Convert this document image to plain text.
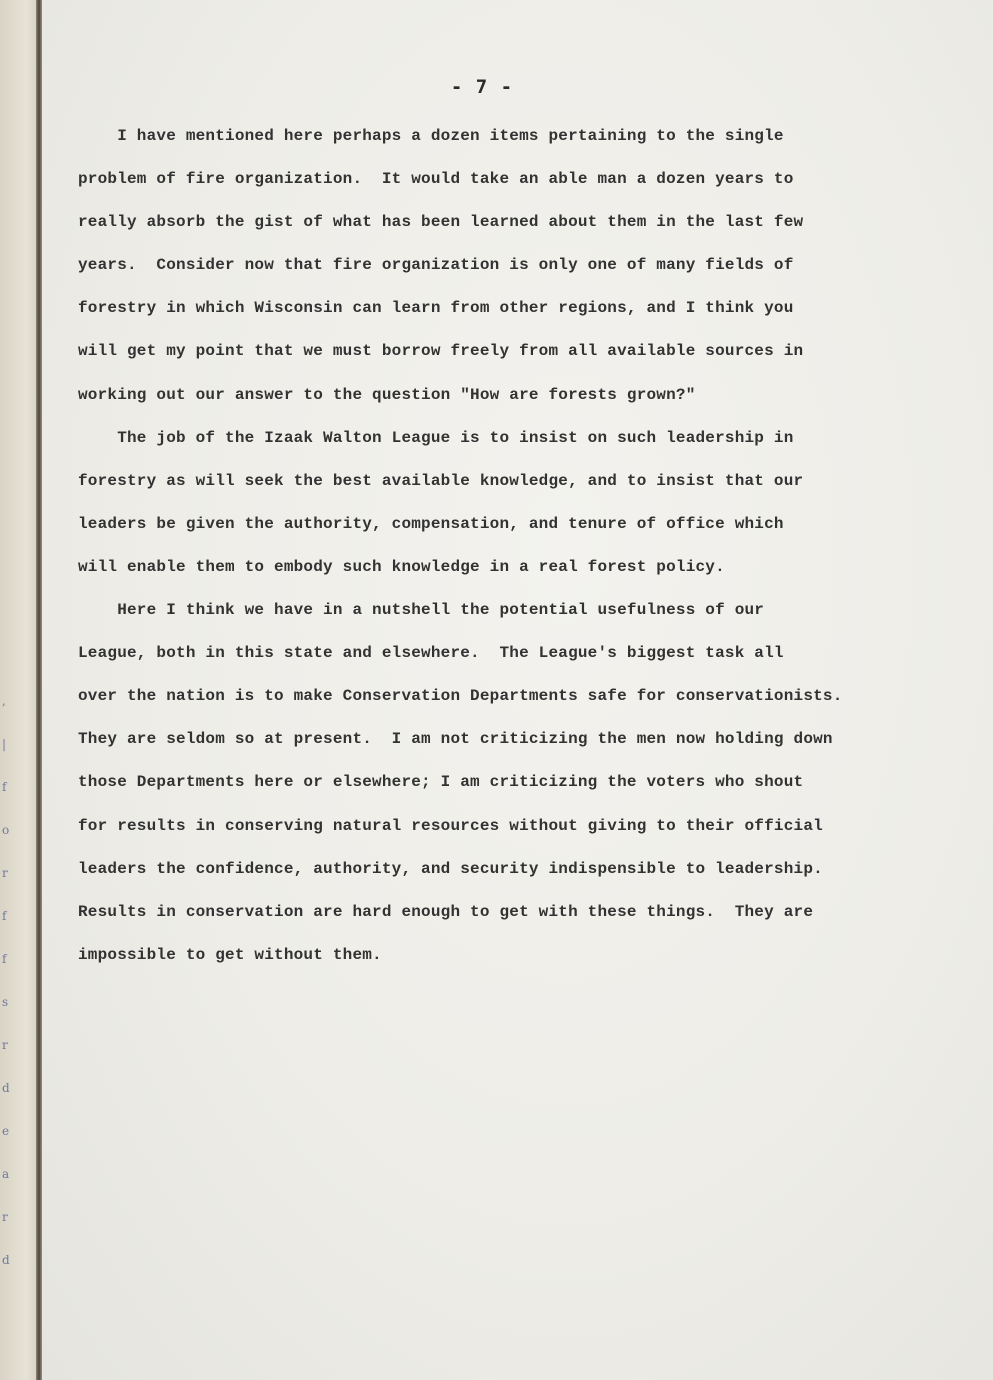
,
|
f
o
r
f
f
s
r
d
e
a
r
d
- 7 -
I have mentioned here perhaps a dozen items pertaining to the single
problem of fire organization.  It would take an able man a dozen years to
really absorb the gist of what has been learned about them in the last few
years.  Consider now that fire organization is only one of many fields of
forestry in which Wisconsin can learn from other regions, and I think you
will get my point that we must borrow freely from all available sources in
working out our answer to the question "How are forests grown?"
The job of the Izaak Walton League is to insist on such leadership in
forestry as will seek the best available knowledge, and to insist that our
leaders be given the authority, compensation, and tenure of office which
will enable them to embody such knowledge in a real forest policy.
Here I think we have in a nutshell the potential usefulness of our
League, both in this state and elsewhere.  The League's biggest task all
over the nation is to make Conservation Departments safe for conservationists.
They are seldom so at present.  I am not criticizing the men now holding down
those Departments here or elsewhere; I am criticizing the voters who shout
for results in conserving natural resources without giving to their official
leaders the confidence, authority, and security indispensible to leadership.
Results in conservation are hard enough to get with these things.  They are
impossible to get without them.
